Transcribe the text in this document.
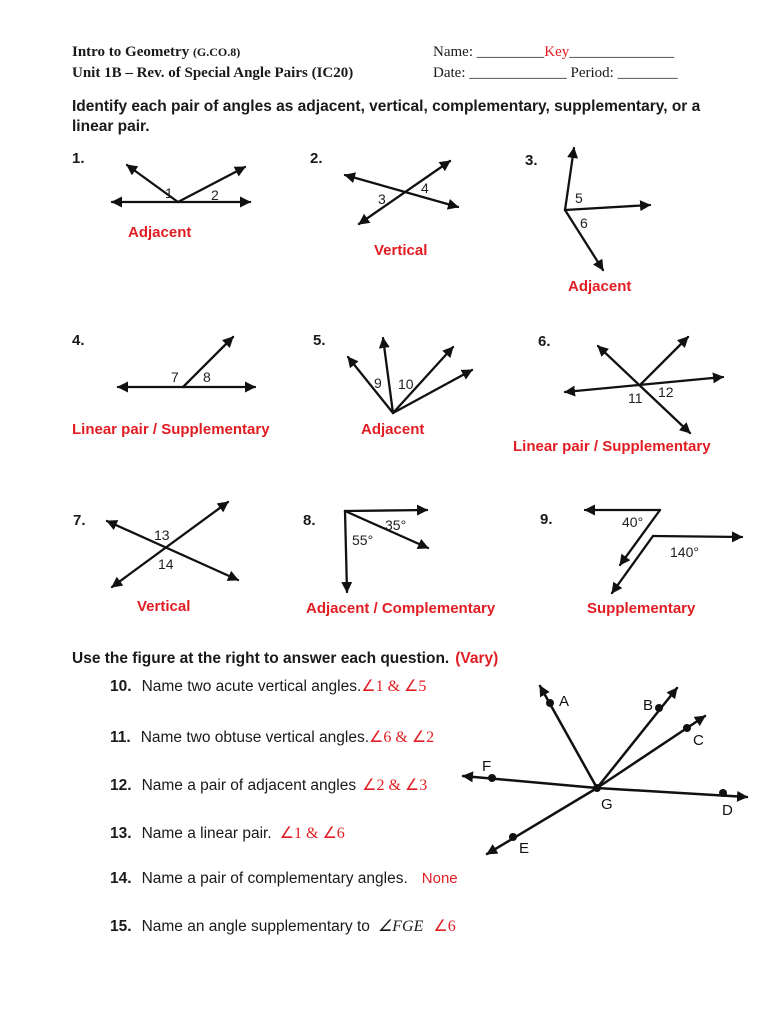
Intro to Geometry (G.CO.8)
Unit 1B – Rev. of Special Angle Pairs (IC20)
Name: _________Key______________
Date: _____________ Period: ________
Identify each pair of angles as adjacent, vertical, complementary, supplementary, or a linear pair.
1.
1	2
Adjacent
2.
3
4
Vertical
3.
5
6
Adjacent
4.
7 8
Linear pair / Supplementary
5.
9 10
Adjacent
6.
11 12
Linear pair / Supplementary
7.
13
14
Vertical
8.	35°
55°
Adjacent / Complementary
9.	40°
140°
Supplementary
Use the figure at the right to answer each question. (Vary)
10. Name two acute vertical angles.∠1 & ∠5
11. Name two obtuse vertical angles.∠6 & ∠2
12. Name a pair of adjacent angles ∠2 & ∠3
13. Name a linear pair. ∠1 & ∠6
14. Name a pair of complementary angles. None
15. Name an angle supplementary to ∠FGE ∠6
A	B
C
D
E
F
G
